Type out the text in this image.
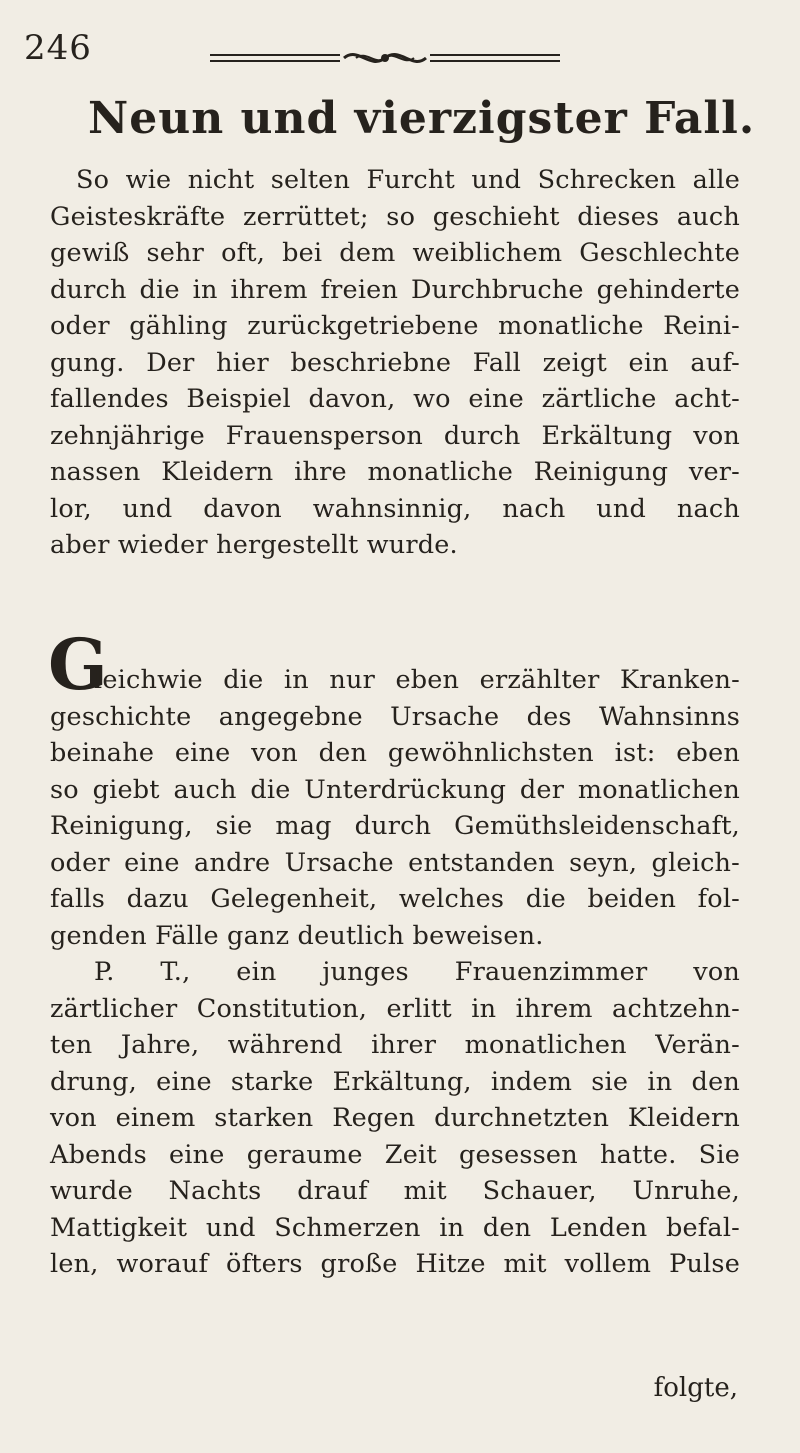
246
Neun und vierzigster Fall.
So wie nicht selten Furcht und Schrecken alle
Geisteskräfte zerrüttet; so geschieht dieses auch
gewiß sehr oft, bei dem weiblichem Geschlechte
durch die in ihrem freien Durchbruche gehinderte
oder gähling zurückgetriebene monatliche Reini-
gung. Der hier beschriebne Fall zeigt ein auf-
fallendes Beispiel davon, wo eine zärtliche acht-
zehnjährige Frauensperson durch Erkältung von
nassen Kleidern ihre monatliche Reinigung ver-
lor, und davon wahnsinnig, nach und nach
aber wieder hergestellt wurde.
G
leichwie die in nur eben erzählter Kranken-
geschichte angegebne Ursache des Wahnsinns
beinahe eine von den gewöhnlichsten ist: eben
so giebt auch die Unterdrückung der monatlichen
Reinigung, sie mag durch Gemüthsleidenschaft,
oder eine andre Ursache entstanden seyn, gleich-
falls dazu Gelegenheit, welches die beiden fol-
genden Fälle ganz deutlich beweisen.
P. T., ein junges Frauenzimmer von
zärtlicher Constitution, erlitt in ihrem achtzehn-
ten Jahre, während ihrer monatlichen Verän-
drung, eine starke Erkältung, indem sie in den
von einem starken Regen durchnetzten Kleidern
Abends eine geraume Zeit gesessen hatte. Sie
wurde Nachts drauf mit Schauer, Unruhe,
Mattigkeit und Schmerzen in den Lenden befal-
len, worauf öfters große Hitze mit vollem Pulse
folgte,
